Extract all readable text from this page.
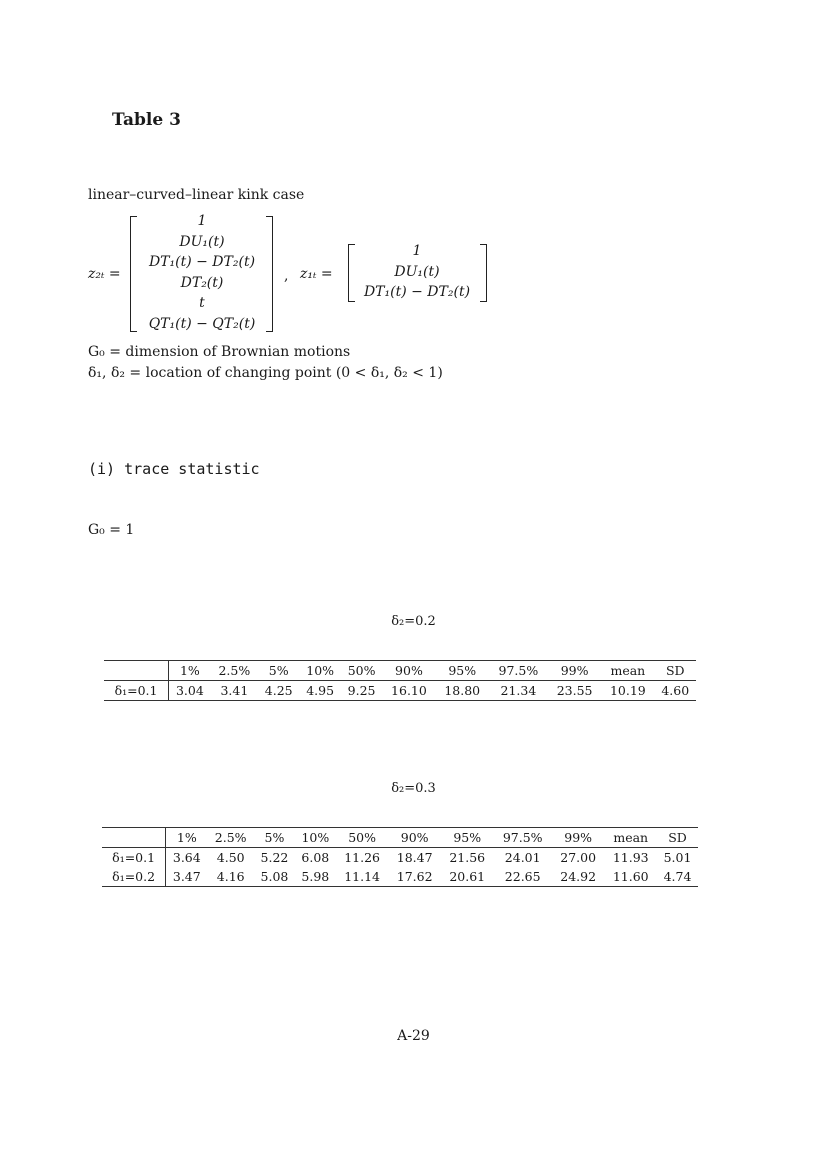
Table 3
linear–curved–linear kink case
z₂ₜ =
1
DU₁(t)
DT₁(t) − DT₂(t)
DT₂(t)
t
QT₁(t) − QT₂(t)
, z₁ₜ =
1
DU₁(t)
DT₁(t) − DT₂(t)
G₀ = dimension of Brownian motions
δ₁, δ₂ = location of changing point (0 < δ₁, δ₂ < 1)
(i) trace statistic
G₀ = 1
δ₂=0.2
	1%	2.5%	5%	10%	50%	90%	95%	97.5%	99%	mean	SD
δ₁=0.1	3.04	3.41	4.25	4.95	9.25	16.10	18.80	21.34	23.55	10.19	4.60
δ₂=0.3
	1%	2.5%	5%	10%	50%	90%	95%	97.5%	99%	mean	SD
δ₁=0.1	3.64	4.50	5.22	6.08	11.26	18.47	21.56	24.01	27.00	11.93	5.01
δ₁=0.2	3.47	4.16	5.08	5.98	11.14	17.62	20.61	22.65	24.92	11.60	4.74
A-29
